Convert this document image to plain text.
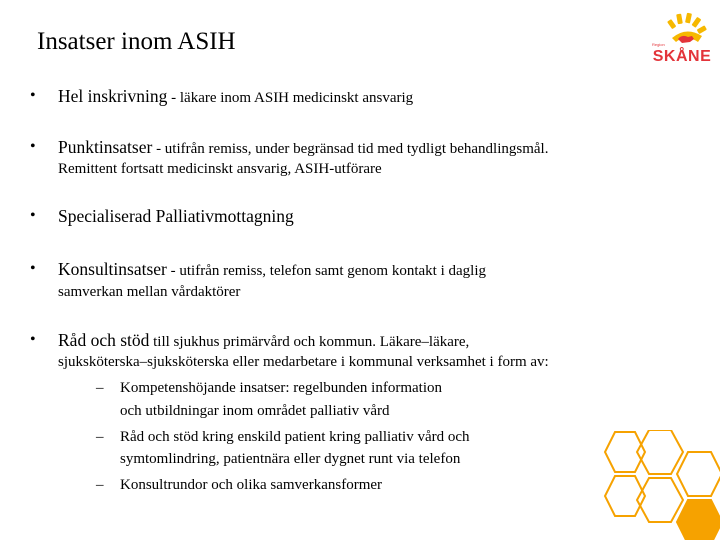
Insatser inom ASIH	Region
SKÅNE
•	Hel inskrivning - läkare inom ASIH medicinskt ansvarig
•	Punktinsatser - utifrån remiss, under begränsad tid med tydligt behandlingsmål.
Remittent fortsatt medicinskt ansvarig, ASIH-utförare
•	Specialiserad Palliativmottagning
•	Konsultinsatser - utifrån remiss, telefon samt genom kontakt i daglig
samverkan mellan vårdaktörer
•	Råd och stöd till sjukhus primärvård och kommun. Läkare–läkare,
sjuksköterska–sjuksköterska eller medarbetare i kommunal verksamhet i form av:
– Kompetenshöjande insatser: regelbunden information
och utbildningar inom området palliativ vård
– Råd och stöd kring enskild patient kring palliativ vård och
symtomlindring, patientnära eller dygnet runt via telefon
– Konsultrundor och olika samverkansformer
